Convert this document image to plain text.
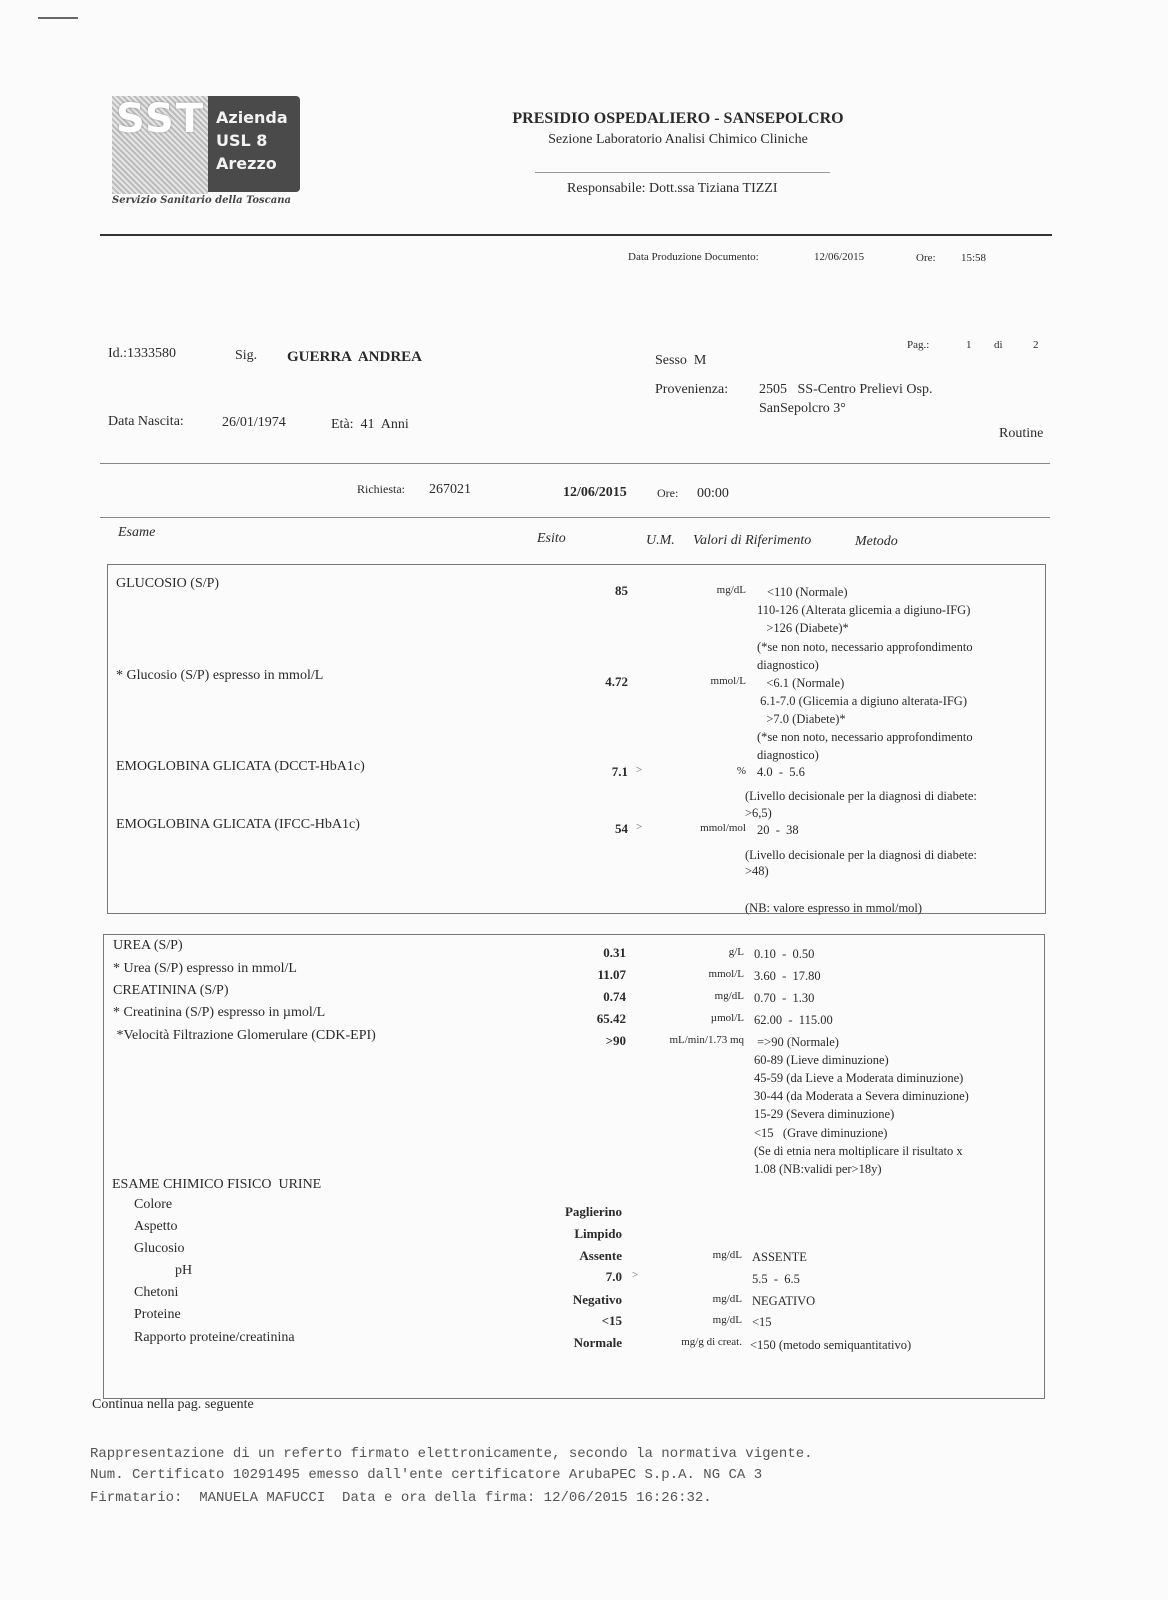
SST Azienda
USL 8
Arezzo
Servizio Sanitario della Toscana
PRESIDIO OSPEDALIERO - SANSEPOLCRO
Sezione Laboratorio Analisi Chimico Cliniche
Responsabile: Dott.ssa Tiziana TIZZI
Data Produzione Documento:	12/06/2015	Ore: 15:58
Id.:1333580	Sig. GUERRA  ANDREA
Pag.:	1 di	2
Sesso  M
Provenienza: 2505   SS-Centro Prelievi Osp.
SanSepolcro 3°
Data Nascita:	26/01/1974	Età:  41  Anni
Routine
Richiesta: 267021	12/06/2015	Ore: 00:00
Esame	Esito	U.M. Valori di Riferimento	Metodo
GLUCOSIO (S/P)	85	mg/dL <110 (Normale)
110-126 (Alterata glicemia a digiuno-IFG)
>126 (Diabete)*
(*se non noto, necessario approfondimento
diagnostico)
* Glucosio (S/P) espresso in mmol/L	4.72	mmol/L <6.1 (Normale)
6.1-7.0 (Glicemia a digiuno alterata-IFG)
>7.0 (Diabete)*
(*se non noto, necessario approfondimento
diagnostico)
EMOGLOBINA GLICATA (DCCT-HbA1c)	7.1 >	% 4.0  -  5.6
(Livello decisionale per la diagnosi di diabete:
>6,5)
EMOGLOBINA GLICATA (IFCC-HbA1c)	54 >	mmol/mol 20  -  38
(Livello decisionale per la diagnosi di diabete:
>48)
(NB: valore espresso in mmol/mol)
UREA (S/P)	0.31	g/L 0.10  -  0.50
* Urea (S/P) espresso in mmol/L	11.07	mmol/L 3.60  -  17.80
CREATININA (S/P)	0.74	mg/dL 0.70  -  1.30
* Creatinina (S/P) espresso in µmol/L	65.42	µmol/L 62.00  -  115.00
*Velocità Filtrazione Glomerulare (CDK-EPI)	>90	mL/min/1.73 mq =>90 (Normale)
60-89 (Lieve diminuzione)
45-59 (da Lieve a Moderata diminuzione)
30-44 (da Moderata a Severa diminuzione)
15-29 (Severa diminuzione)
<15   (Grave diminuzione)
(Se di etnia nera moltiplicare il risultato x
1.08 (NB:validi per>18y)
ESAME CHIMICO FISICO  URINE
Colore	Paglierino
Aspetto	Limpido
Glucosio	Assente	mg/dL ASSENTE
pH	7.0 >	5.5  -  6.5
Chetoni	Negativo	mg/dL NEGATIVO
Proteine	<15	mg/dL <15
Rapporto proteine/creatinina	Normale	mg/g di creat. <150 (metodo semiquantitativo)
Continua nella pag. seguente
Rappresentazione di un referto firmato elettronicamente, secondo la normativa vigente.
Num. Certificato 10291495 emesso dall'ente certificatore ArubaPEC S.p.A. NG CA 3
Firmatario:  MANUELA MAFUCCI  Data e ora della firma: 12/06/2015 16:26:32.
